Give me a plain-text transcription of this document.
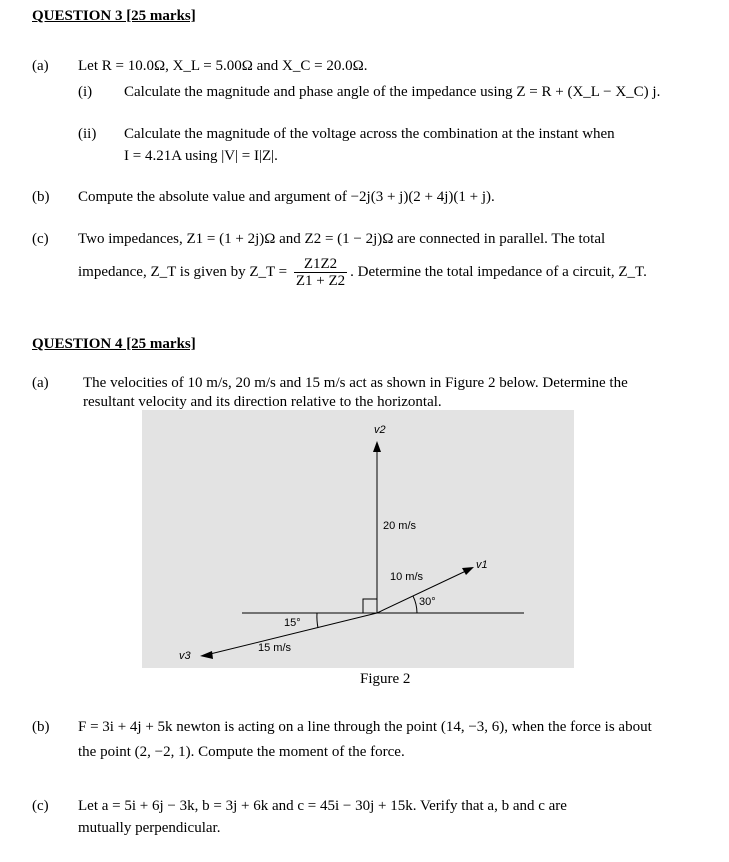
QUESTION 3 [25 marks]
(a) Let R = 10.0Ω, X_L = 5.00Ω and X_C = 20.0Ω.
(i) Calculate the magnitude and phase angle of the impedance using Z = R + (X_L − X_C) j.
(ii) Calculate the magnitude of the voltage across the combination at the instant when
I = 4.21A using |V| = I|Z|.
(b) Compute the absolute value and argument of −2j(3 + j)(2 + 4j)(1 + j).
(c) Two impedances, Z1 = (1 + 2j)Ω and Z2 = (1 − 2j)Ω are connected in parallel. The total
impedance, Z_T is given by Z_T = $\frac{Z1Z2}{Z1 + Z2}$ . Determine the total impedance of a circuit, Z_T.
QUESTION 4 [25 marks]
(a) The velocities of 10 m/s, 20 m/s and 15 m/s act as shown in Figure 2 below. Determine the
resultant velocity and its direction relative to the horizontal.
v2
20 m/s
10 m/s
30°
v1
15°
15 m/s
v3
Figure 2
(b) F = 3i + 4j + 5k newton is acting on a line through the point (14, −3, 6), when the force is about
the point (2, −2, 1). Compute the moment of the force.
(c) Let a = 5i + 6j − 3k, b = 3j + 6k and c = 45i − 30j + 15k. Verify that a, b and c are
mutually perpendicular.
